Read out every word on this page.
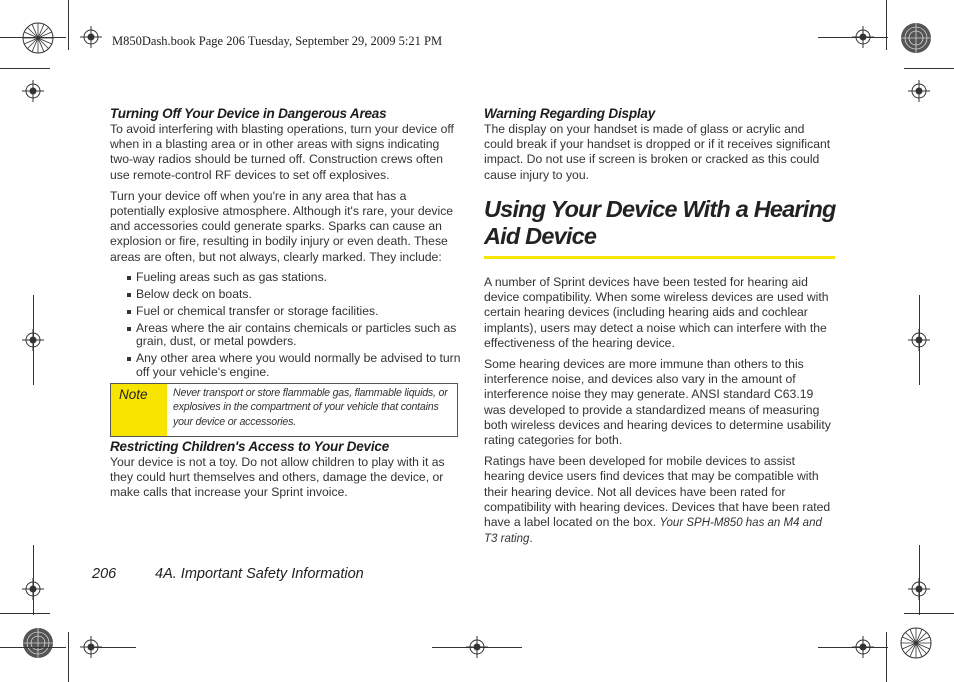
M850Dash.book Page 206 Tuesday, September 29, 2009 5:21 PM
Turning Off Your Device in Dangerous Areas

To avoid interfering with blasting operations, turn your device off when in a blasting area or in other areas with signs indicating two-way radios should be turned off. Construction crews often use remote-control RF devices to set off explosives.

Turn your device off when you're in any area that has a potentially explosive atmosphere. Although it's rare, your device and accessories could generate sparks. Sparks can cause an explosion or fire, resulting in bodily injury or even death. These areas are often, but not always, clearly marked. They include:

Fueling areas such as gas stations.
Below deck on boats.
Fuel or chemical transfer or storage facilities.
Areas where the air contains chemicals or particles such as grain, dust, or metal powders.
Any other area where you would normally be advised to turn off your vehicle's engine.
Note	Never transport or store flammable gas, flammable liquids, or explosives in the compartment of your vehicle that contains your device or accessories.
Restricting Children's Access to Your Device

Your device is not a toy. Do not allow children to play with it as they could hurt themselves and others, damage the device, or make calls that increase your Sprint invoice.

Warning Regarding Display

The display on your handset is made of glass or acrylic and could break if your handset is dropped or if it receives significant impact. Do not use if screen is broken or cracked as this could cause injury to you.

Using Your Device With a Hearing Aid Device

A number of Sprint devices have been tested for hearing aid device compatibility. When some wireless devices are used with certain hearing devices (including hearing aids and cochlear implants), users may detect a noise which can interfere with the effectiveness of the hearing device.

Some hearing devices are more immune than others to this interference noise, and devices also vary in the amount of interference noise they may generate. ANSI standard C63.19 was developed to provide a standardized means of measuring both wireless devices and hearing devices to determine usability rating categories for both.

Ratings have been developed for mobile devices to assist hearing device users find devices that may be compatible with their hearing device. Not all devices have been rated for compatibility with hearing devices. Devices that have been rated have a label located on the box. Your SPH-M850 has an M4 and T3 rating.

206	4A. Important Safety Information
